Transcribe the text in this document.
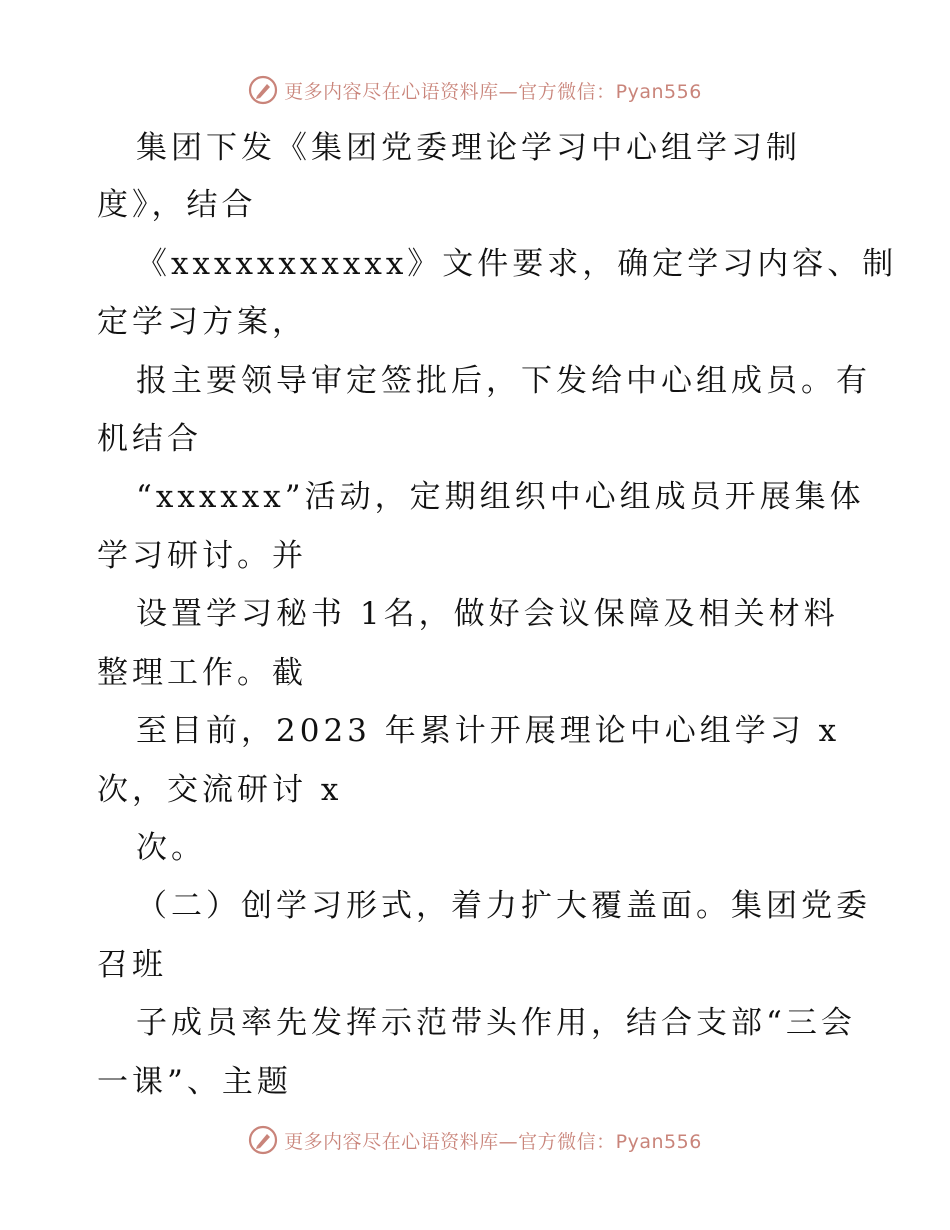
更多内容尽在心语资料库—官方微信：Pyan556
集团下发《集团党委理论学习中心组学习制
度》，结合
《xxxxxxxxxxx》文件要求，确定学习内容、制
定学习方案，
报主要领导审定签批后，下发给中心组成员。有
机结合
“xxxxxx”活动，定期组织中心组成员开展集体
学习研讨。并
设置学习秘书 1名，做好会议保障及相关材料
整理工作。截
至目前，2023 年累计开展理论中心组学习 x
次，交流研讨 x
次。
（二）创学习形式，着力扩大覆盖面。集团党委
召班
子成员率先发挥示范带头作用，结合支部“三会
一课”、主题
更多内容尽在心语资料库—官方微信：Pyan556
